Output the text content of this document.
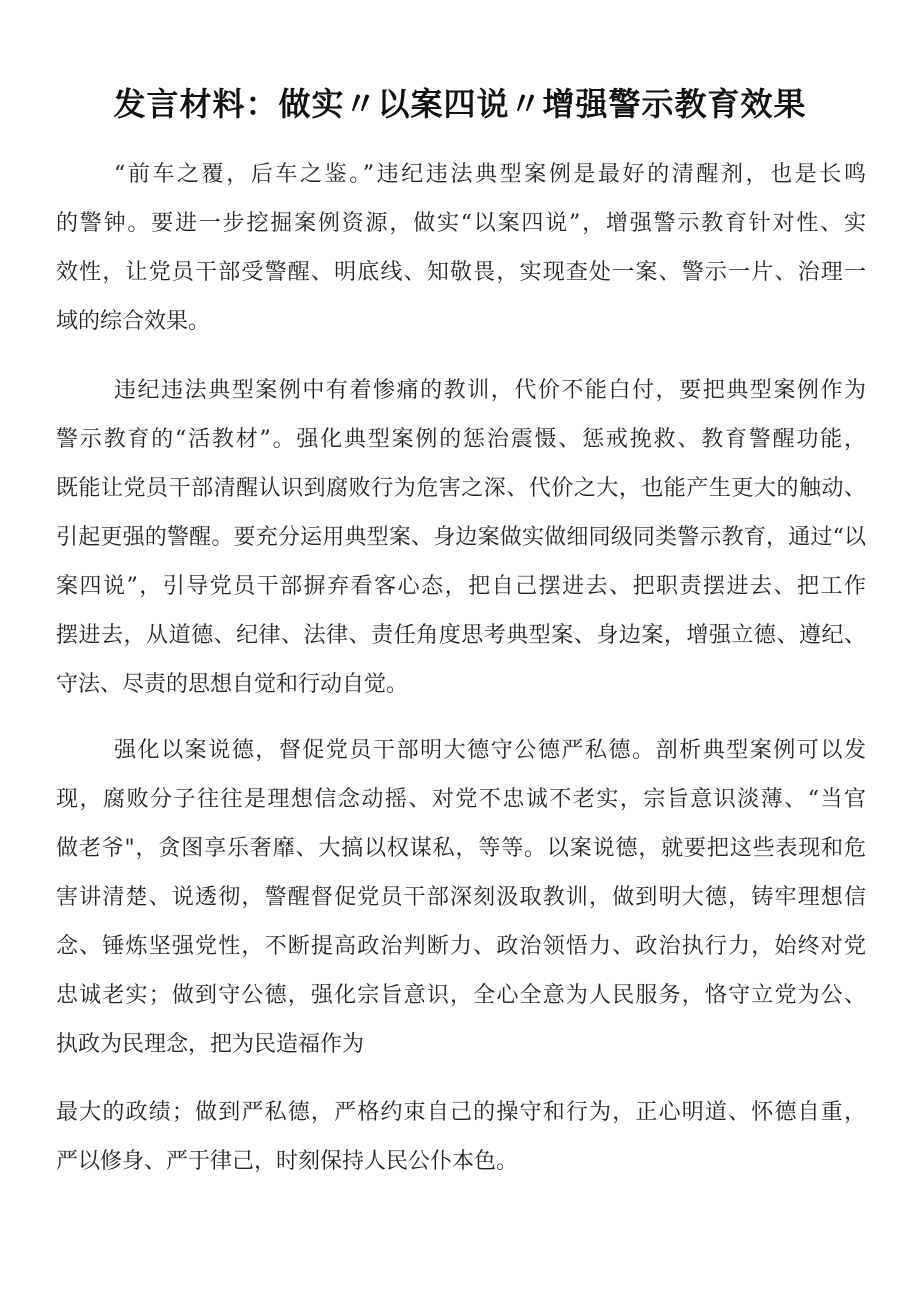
发言材料：做实〃以案四说〃增强警示教育效果
“前车之覆，后车之鉴。”违纪违法典型案例是最好的清醒剂，也是长鸣
的警钟。要进一步挖掘案例资源，做实“以案四说”，增强警示教育针对性、实
效性，让党员干部受警醒、明底线、知敬畏，实现查处一案、警示一片、治理一
域的综合效果。
违纪违法典型案例中有着惨痛的教训，代价不能白付，要把典型案例作为
警示教育的“活教材”。强化典型案例的惩治震慑、惩戒挽救、教育警醒功能，
既能让党员干部清醒认识到腐败行为危害之深、代价之大，也能产生更大的触动、
引起更强的警醒。要充分运用典型案、身边案做实做细同级同类警示教育，通过“以
案四说”，引导党员干部摒弃看客心态，把自己摆进去、把职责摆进去、把工作
摆进去，从道德、纪律、法律、责任角度思考典型案、身边案，增强立德、遵纪、
守法、尽责的思想自觉和行动自觉。
强化以案说德，督促党员干部明大德守公德严私德。剖析典型案例可以发
现，腐败分子往往是理想信念动摇、对党不忠诚不老实，宗旨意识淡薄、“当官
做老爷"，贪图享乐奢靡、大搞以权谋私，等等。以案说德，就要把这些表现和危
害讲清楚、说透彻，警醒督促党员干部深刻汲取教训，做到明大德，铸牢理想信
念、锤炼坚强党性，不断提高政治判断力、政治领悟力、政治执行力，始终对党
忠诚老实；做到守公德，强化宗旨意识，全心全意为人民服务，恪守立党为公、
执政为民理念，把为民造福作为
最大的政绩；做到严私德，严格约束自己的操守和行为，正心明道、怀德自重，
严以修身、严于律己，时刻保持人民公仆本色。
